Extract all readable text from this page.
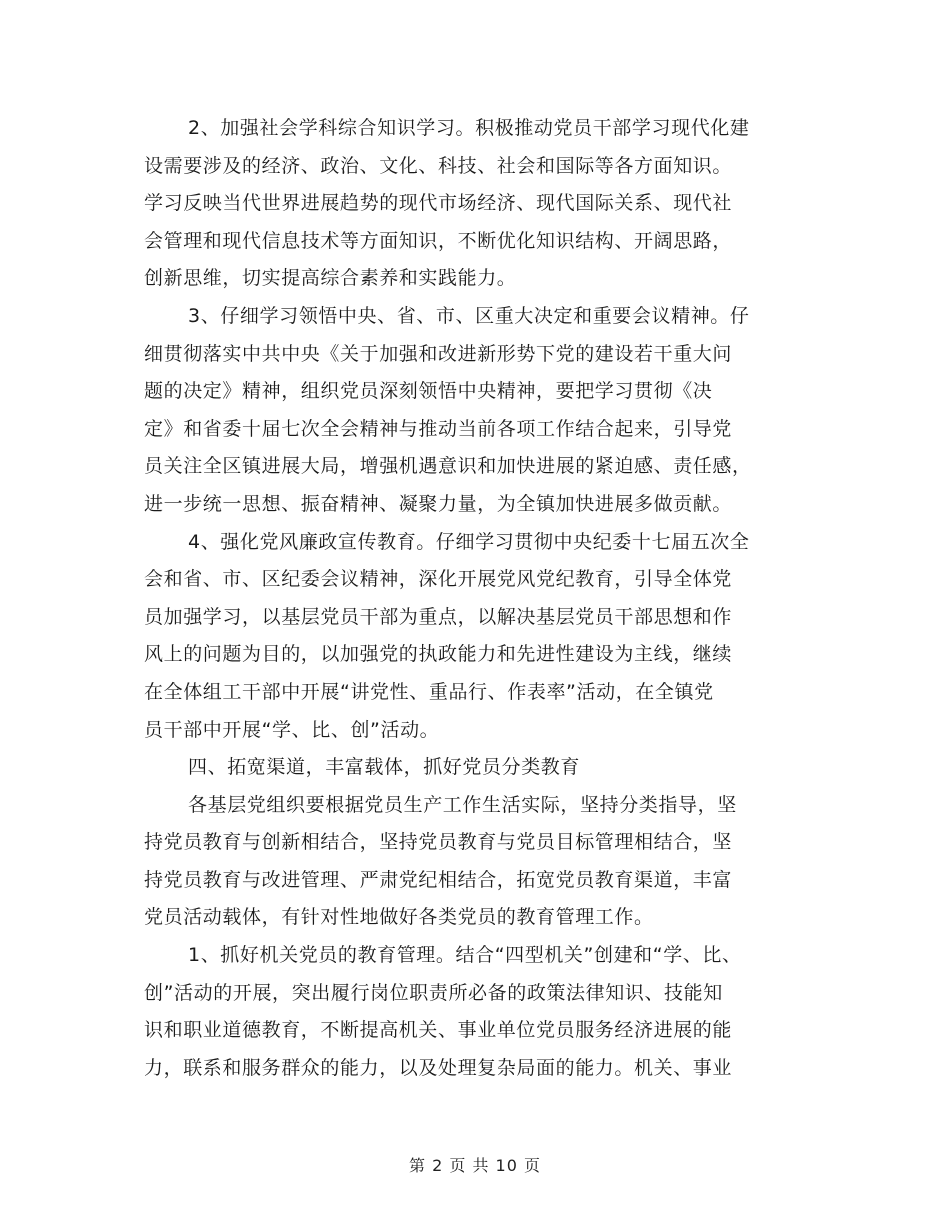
2、加强社会学科综合知识学习。积极推动党员干部学习现代化建
设需要涉及的经济、政治、文化、科技、社会和国际等各方面知识。
学习反映当代世界进展趋势的现代市场经济、现代国际关系、现代社
会管理和现代信息技术等方面知识，不断优化知识结构、开阔思路，
创新思维，切实提高综合素养和实践能力。
3、仔细学习领悟中央、省、市、区重大决定和重要会议精神。仔
细贯彻落实中共中央《关于加强和改进新形势下党的建设若干重大问
题的决定》精神，组织党员深刻领悟中央精神，要把学习贯彻《决
定》和省委十届七次全会精神与推动当前各项工作结合起来，引导党
员关注全区镇进展大局，增强机遇意识和加快进展的紧迫感、责任感，
进一步统一思想、振奋精神、凝聚力量，为全镇加快进展多做贡献。
4、强化党风廉政宣传教育。仔细学习贯彻中央纪委十七届五次全
会和省、市、区纪委会议精神，深化开展党风党纪教育，引导全体党
员加强学习，以基层党员干部为重点，以解决基层党员干部思想和作
风上的问题为目的，以加强党的执政能力和先进性建设为主线，继续
在全体组工干部中开展“讲党性、重品行、作表率”活动，在全镇党
员干部中开展“学、比、创”活动。
四、拓宽渠道，丰富载体，抓好党员分类教育
各基层党组织要根据党员生产工作生活实际，坚持分类指导，坚
持党员教育与创新相结合，坚持党员教育与党员目标管理相结合，坚
持党员教育与改进管理、严肃党纪相结合，拓宽党员教育渠道，丰富
党员活动载体，有针对性地做好各类党员的教育管理工作。
1、抓好机关党员的教育管理。结合“四型机关”创建和“学、比、
创”活动的开展，突出履行岗位职责所必备的政策法律知识、技能知
识和职业道德教育，不断提高机关、事业单位党员服务经济进展的能
力，联系和服务群众的能力，以及处理复杂局面的能力。机关、事业
第 2 页 共 10 页
